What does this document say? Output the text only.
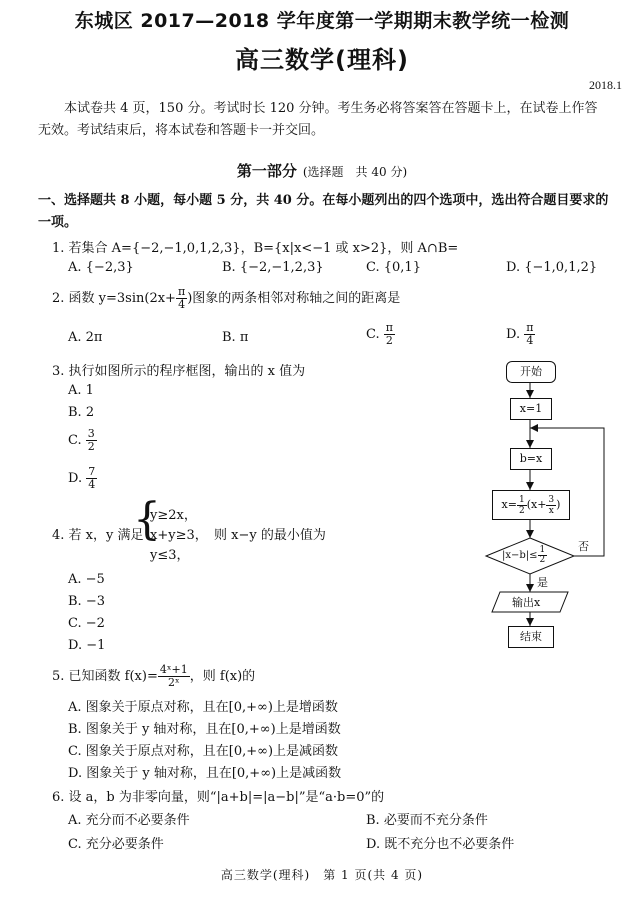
东城区 2017—2018 学年度第一学期期末教学统一检测
高三数学(理科)
2018.1
本试卷共 4 页，150 分。考试时长 120 分钟。考生务必将答案答在答题卡上，在试卷上作答无效。考试结束后，将本试卷和答题卡一并交回。
第一部分 (选择题　共 40 分)
一、选择题共 8 小题，每小题 5 分，共 40 分。在每小题列出的四个选项中，选出符合题目要求的一项。
1. 若集合 A={−2,−1,0,1,2,3}，B={x|x<−1 或 x>2}，则 A∩B=
A. {−2,3}	B. {−2,−1,2,3}	C. {0,1}	D. {−1,0,1,2}
2. 函数 $y=3\sin(2x+ \frac{\pi}{4}$ )图象的两条相邻对称轴之间的距离是
A. 2π	B. π	C. $\frac{\pi}{2}$	D. $\frac{\pi}{4}$
3. 执行如图所示的程序框图，输出的 x 值为
A. 1
B. 2
C. $\frac{3}{2}$
D. $\frac{7}{4}$
开始
x=1
b=x
$x= \frac{1}{2} (x+ \frac{3}{x}$ )
$|x-b|\le \frac{1}{2}$	否
是
输出x
结束
4. 若 x，y 满足
{
y≥2x，
x+y≥3，
y≤3，
则 x−y 的最小值为
A. −5
B. −3
C. −2
D. −1
5. 已知函数 $f(x)= \frac{\text{4ˣ+1}}{\text{2ˣ}}$ ，则 f(x)的
A. 图象关于原点对称，且在[0,+∞)上是增函数
B. 图象关于 y 轴对称，且在[0,+∞)上是增函数
C. 图象关于原点对称，且在[0,+∞)上是减函数
D. 图象关于 y 轴对称，且在[0,+∞)上是减函数
6. 设 a，b 为非零向量，则“|a+b|=|a−b|”是“a·b=0”的
A. 充分而不必要条件	B. 必要而不充分条件
C. 充分必要条件	D. 既不充分也不必要条件
高三数学(理科)　第 1 页(共 4 页)
